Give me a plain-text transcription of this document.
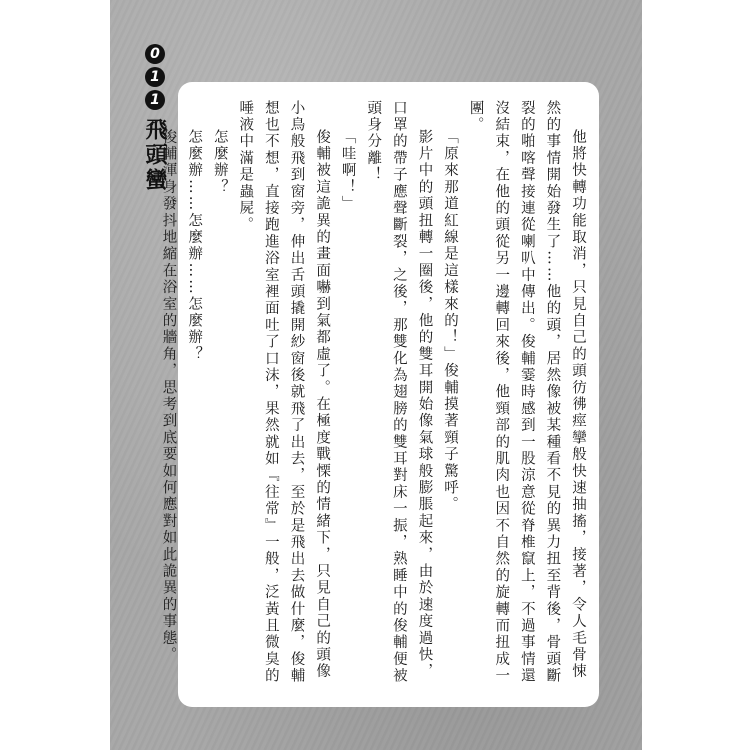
0
1
1
飛頭蠻	他將快轉功能取消，只見自己的頭彷彿痙攣般快速抽搐，接著，令人毛骨悚然的事情開始發生了……他的頭，居然像被某種看不見的異力扭至背後，骨頭斷裂的啪喀聲接連從喇叭中傳出。俊輔霎時感到一股涼意從脊椎竄上，不過事情還沒結束，在他的頭從另一邊轉回來後，他頸部的肌肉也因不自然的旋轉而扭成一團。

「原來那道紅線是這樣來的！」俊輔摸著頸子驚呼。

影片中的頭扭轉一圈後，他的雙耳開始像氣球般膨脹起來，由於速度過快，口罩的帶子應聲斷裂，之後，那雙化為翅膀的雙耳對床一振，熟睡中的俊輔便被頭身分離！

「哇啊！」

俊輔被這詭異的畫面嚇到氣都虛了。在極度戰慄的情緒下，只見自己的頭像小鳥般飛到窗旁，伸出舌頭撬開紗窗後就飛了出去，至於是飛出去做什麼，俊輔想也不想，直接跑進浴室裡面吐了口沫，果然就如『往常』一般，泛黃且微臭的唾液中滿是蟲屍。

怎麼辦？

怎麼辦……怎麼辦……怎麼辦？

俊輔渾身發抖地縮在浴室的牆角，思考到底要如何應對如此詭異的事態。
